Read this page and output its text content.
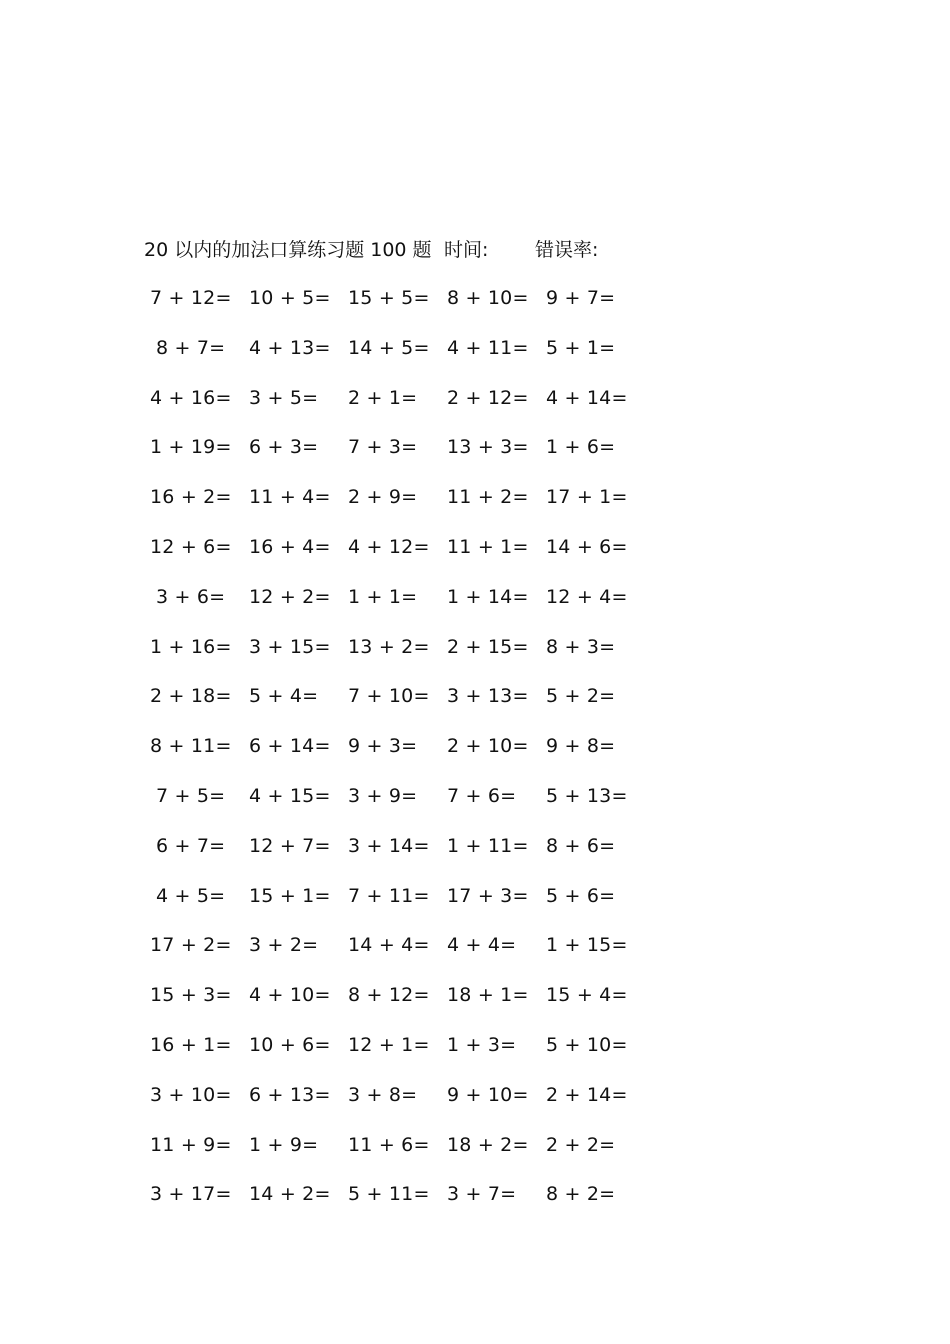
20 以内的加法口算练习题 100 题 时间: 错误率:
7 + 12= 10 + 5= 15 + 5= 8 + 10= 9 + 7=
8 + 7= 4 + 13= 14 + 5= 4 + 11= 5 + 1=
4 + 16= 3 + 5= 2 + 1= 2 + 12= 4 + 14=
1 + 19= 6 + 3= 7 + 3= 13 + 3= 1 + 6=
16 + 2= 11 + 4= 2 + 9= 11 + 2= 17 + 1=
12 + 6= 16 + 4= 4 + 12= 11 + 1= 14 + 6=
3 + 6= 12 + 2= 1 + 1= 1 + 14= 12 + 4=
1 + 16= 3 + 15= 13 + 2= 2 + 15= 8 + 3=
2 + 18= 5 + 4= 7 + 10= 3 + 13= 5 + 2=
8 + 11= 6 + 14= 9 + 3= 2 + 10= 9 + 8=
7 + 5= 4 + 15= 3 + 9= 7 + 6= 5 + 13=
6 + 7= 12 + 7= 3 + 14= 1 + 11= 8 + 6=
4 + 5= 15 + 1= 7 + 11= 17 + 3= 5 + 6=
17 + 2= 3 + 2= 14 + 4= 4 + 4= 1 + 15=
15 + 3= 4 + 10= 8 + 12= 18 + 1= 15 + 4=
16 + 1= 10 + 6= 12 + 1= 1 + 3= 5 + 10=
3 + 10= 6 + 13= 3 + 8= 9 + 10= 2 + 14=
11 + 9= 1 + 9= 11 + 6= 18 + 2= 2 + 2=
3 + 17= 14 + 2= 5 + 11= 3 + 7= 8 + 2=
